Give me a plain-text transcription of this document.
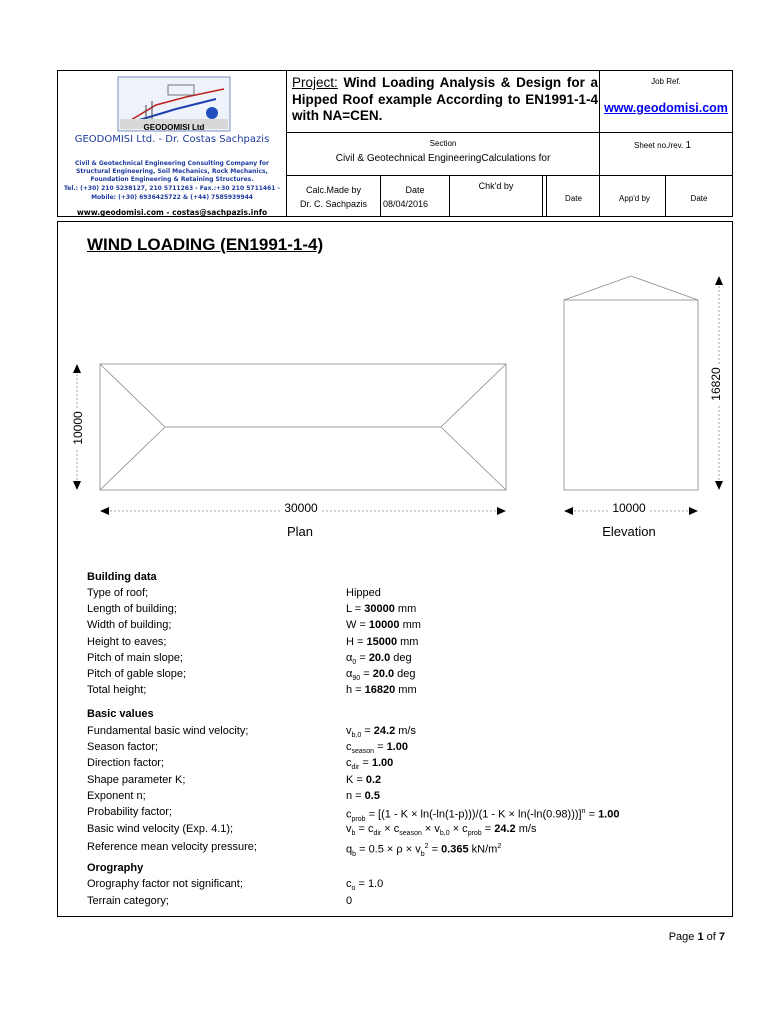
GEODOMISI Ltd
GEODOMISI Ltd. - Dr. Costas Sachpazis
Civil & Geotechnical Engineering Consulting Company for
Structural Engineering, Soil Mechanics, Rock Mechanics,
Foundation Engineering & Retaining Structures.
Tel.: (+30) 210 5238127, 210 5711263 - Fax.:+30 210 5711461 -
Mobile: (+30) 6936425722 & (+44) 7585939944
www.geodomisi.com - costas@sachpazis.info
Project: Wind Loading Analysis & Design for a Hipped Roof example According to EN1991-1-4 with NA=CEN.
Job Ref.
www.geodomisi.com
Section
Civil & Geotechnical EngineeringCalculations for
Sheet no./rev. 1
Calc.Made by
Dr. C. Sachpazis
Date
08/04/2016
Chk'd by
Date	App'd by	Date
WIND LOADING (EN1991-1-4)
30000
10000
Plan
10000
16820
Elevation
Building data
Type of roof;	Hipped
Length of building;	L = 30000 mm
Width of building;	W = 10000 mm
Height to eaves;	H = 15000 mm
Pitch of main slope;	$\alpha_0 = 20.0$ deg
Pitch of gable slope;	$\alpha_{90} = 20.0$ deg
Total height;	h = 16820 mm
Basic values
Fundamental basic wind velocity;	$v_{b,0} = 24.2$ m/s
Season factor;	$c_{season} = 1.00$
Direction factor;	$c_{dir} = 1.00$
Shape parameter K;	K = 0.2
Exponent n;	n = 0.5
Probability factor;	$c_{prob} = [(1 - K \times \ln(-\ln(1-p)))/(1 - K \times \ln(-\ln(0.98)))]^n = 1.00$
Basic wind velocity (Exp. 4.1);	$v_b = c_{dir} \times c_{season} \times v_{b,0} \times c_{prob} = 24.2$ m/s
Reference mean velocity pressure;	$q_b = 0.5 \times \rho \times v_b^2 = 0.365$ $kN/m^2$
Orography
Orography factor not significant;	$c_o = 1.0$
Terrain category;	0
Page 1 of 7
